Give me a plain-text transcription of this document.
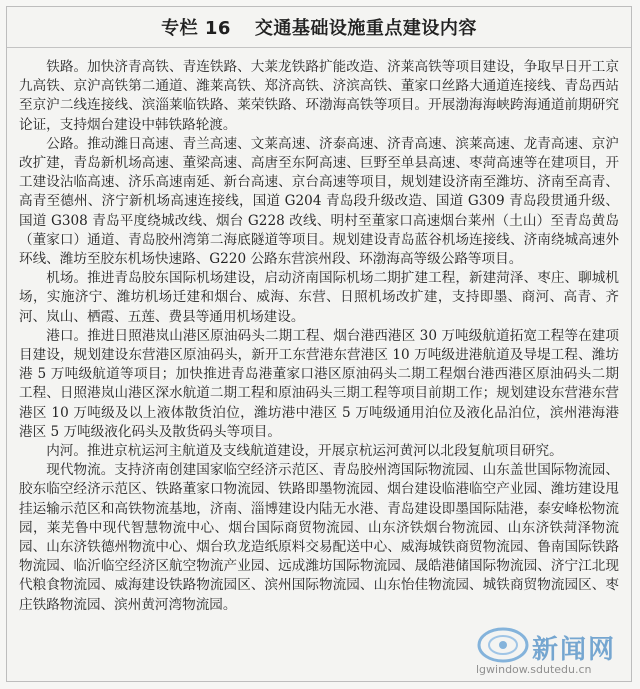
专栏 16 交通基础设施重点建设内容

铁路。加快济青高铁、青连铁路、大莱龙铁路扩能改造、济莱高铁等项目建设，争取早日开工京九高铁、京沪高铁第二通道、潍莱高铁、郑济高铁、济滨高铁、董家口丝路大通道连接线、青岛西站至京沪二线连接线、滨淄莱临铁路、莱荣铁路、环渤海高铁等项目。开展渤海海峡跨海通道前期研究论证，支持烟台建设中韩铁路轮渡。

公路。推动潍日高速、青兰高速、文莱高速、济泰高速、济青高速、滨莱高速、龙青高速、京沪改扩建，青岛新机场高速、董梁高速、高唐至东阿高速、巨野至单县高速、枣菏高速等在建项目，开工建设沾临高速、济乐高速南延、新台高速、京台高速等项目，规划建设济南至潍坊、济南至高青、高青至德州、济宁新机场高速连接线，国道 G204 青岛段升级改造、国道 G309 青岛段贯通升级、国道 G308 青岛平度绕城改线、烟台 G228 改线、明村至董家口高速烟台莱州（土山）至青岛黄岛（董家口）通道、青岛胶州湾第二海底隧道等项目。规划建设青岛蓝谷机场连接线、济南绕城高速外环线、潍坊至胶东机场快速路、G220 公路东营滨州段、环渤海高等级公路等项目。

机场。推进青岛胶东国际机场建设，启动济南国际机场二期扩建工程，新建菏泽、枣庄、聊城机场，实施济宁、潍坊机场迁建和烟台、威海、东营、日照机场改扩建，支持即墨、商河、高青、齐河、岚山、栖霞、五莲、费县等通用机场建设。

港口。推进日照港岚山港区原油码头二期工程、烟台港西港区 30 万吨级航道拓宽工程等在建项目建设，规划建设东营港区原油码头，新开工东营港东营港区 10 万吨级进港航道及导堤工程、潍坊港 5 万吨级航道等项目；加快推进青岛港董家口港区原油码头二期工程烟台港西港区原油码头二期工程、日照港岚山港区深水航道二期工程和原油码头三期工程等项目前期工作；规划建设东营港东营港区 10 万吨级及以上液体散货泊位，潍坊港中港区 5 万吨级通用泊位及液化品泊位，滨州港海港港区 5 万吨级液化码头及散货码头等项目。

内河。推进京杭运河主航道及支线航道建设，开展京杭运河黄河以北段复航项目研究。

现代物流。支持济南创建国家临空经济示范区、青岛胶州湾国际物流园、山东盖世国际物流园、胶东临空经济示范区、铁路董家口物流园、铁路即墨物流园、烟台建设临港临空产业园、潍坊建设甩挂运输示范区和高铁物流基地，济南、淄博建设内陆无水港、青岛建设即墨国际陆港，泰安峰松物流园，莱芜鲁中现代智慧物流中心、烟台国际商贸物流园、山东济铁烟台物流园、山东济铁菏泽物流园、山东济铁德州物流中心、烟台玖龙造纸原料交易配送中心、威海城铁商贸物流园、鲁南国际铁路物流园、临沂临空经济区航空物流产业园、远成潍坊国际物流园、晟皓港储国际物流园、济宁江北现代粮食物流园、威海建设铁路物流园区、滨州国际物流园、山东怡佳物流园、城铁商贸物流园区、枣庄铁路物流园、滨州黄河湾物流园。

新闻网
lgwindow.sdutedu.cn
